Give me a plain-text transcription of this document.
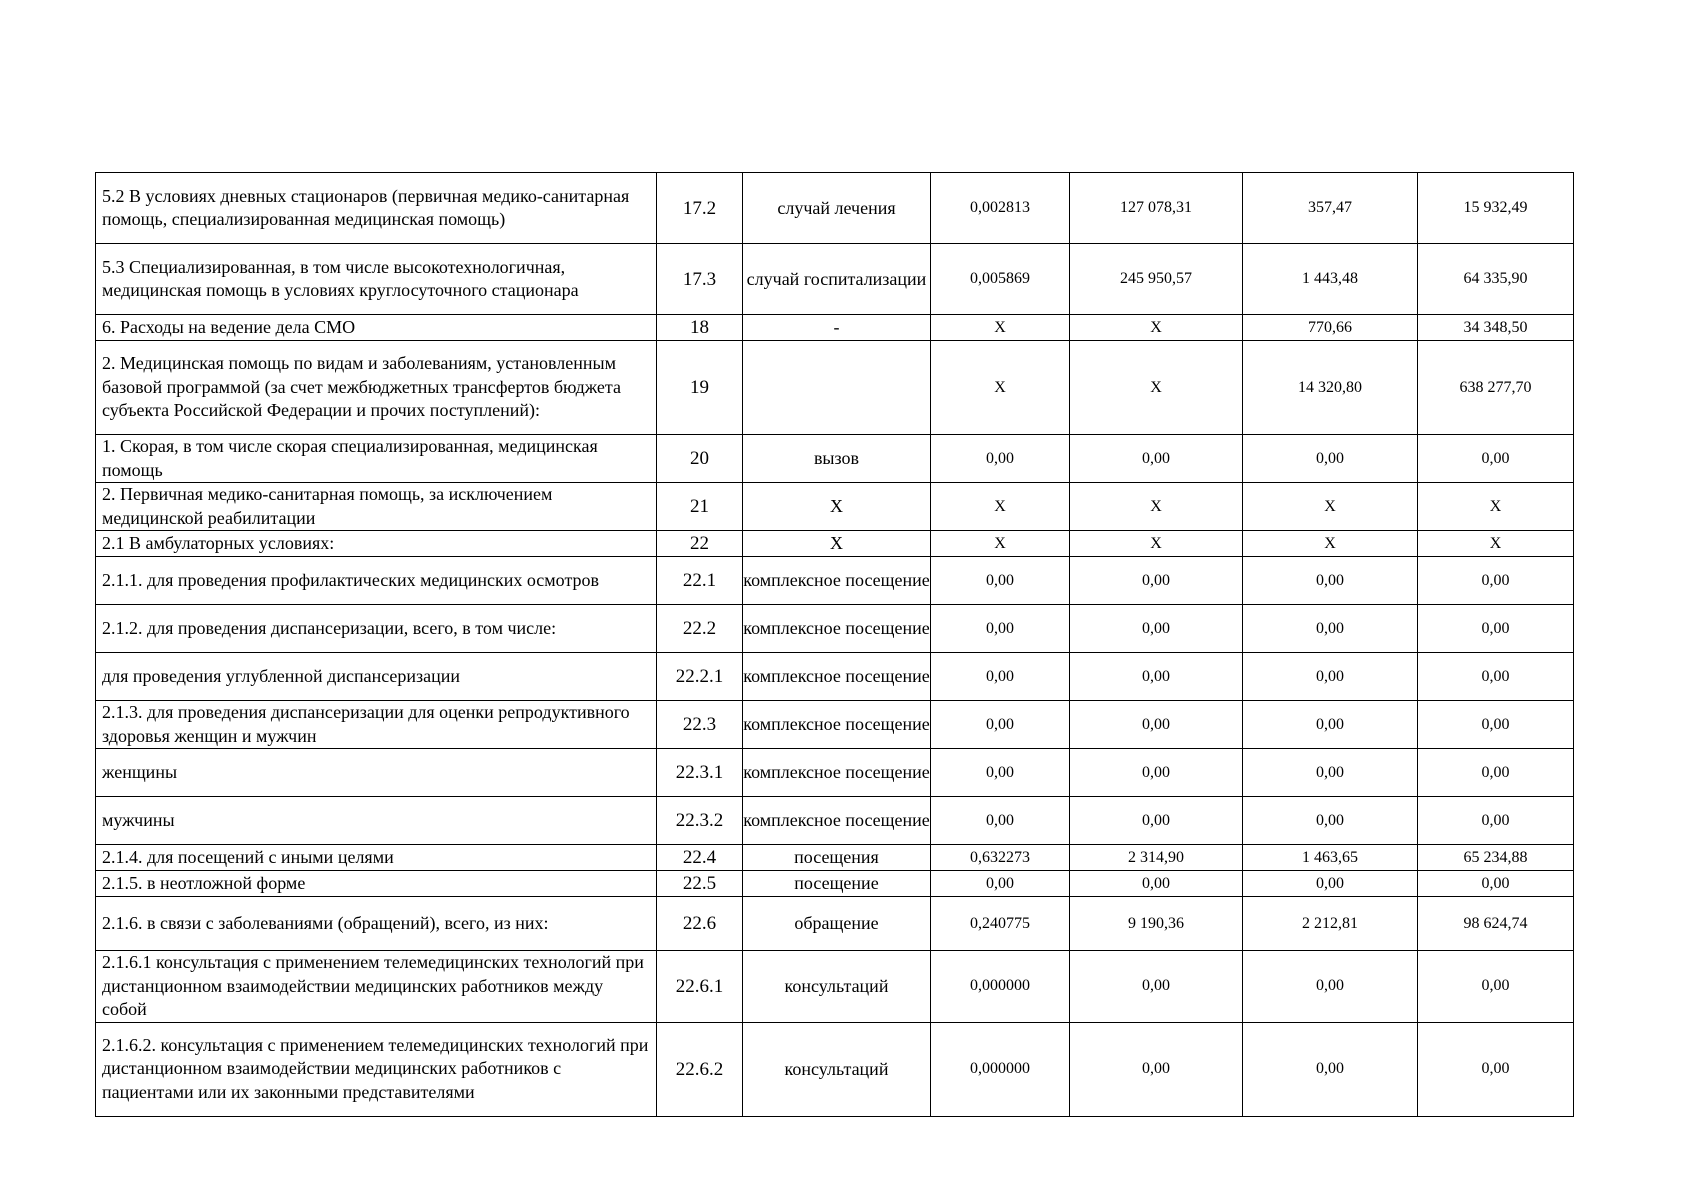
5.2 В условиях дневных стационаров (первичная медико-санитарная помощь, специализированная медицинская помощь)	17.2	случай лечения	0,002813	127 078,31	357,47	15 932,49
5.3 Специализированная, в том числе высокотехнологичная, медицинская помощь в условиях круглосуточного стационара	17.3	случай госпитализации	0,005869	245 950,57	1 443,48	64 335,90
6. Расходы на ведение дела СМО	18	-	X	X	770,66	34 348,50
2. Медицинская помощь по видам и заболеваниям, установленным базовой программой (за счет межбюджетных трансфертов бюджета субъекта Российской Федерации и прочих поступлений):	19		X	X	14 320,80	638 277,70
1. Скорая, в том числе скорая специализированная, медицинская помощь	20	вызов	0,00	0,00	0,00	0,00
2. Первичная медико-санитарная помощь, за исключением медицинской реабилитации	21	X	X	X	X	X
2.1 В амбулаторных условиях:	22	X	X	X	X	X
2.1.1. для проведения профилактических медицинских осмотров	22.1	комплексное посещение	0,00	0,00	0,00	0,00
2.1.2. для проведения диспансеризации, всего, в том числе:	22.2	комплексное посещение	0,00	0,00	0,00	0,00
для проведения углубленной диспансеризации	22.2.1	комплексное посещение	0,00	0,00	0,00	0,00
2.1.3. для проведения диспансеризации для оценки репродуктивного здоровья женщин и мужчин	22.3	комплексное посещение	0,00	0,00	0,00	0,00
женщины	22.3.1	комплексное посещение	0,00	0,00	0,00	0,00
мужчины	22.3.2	комплексное посещение	0,00	0,00	0,00	0,00
2.1.4. для посещений с иными целями	22.4	посещения	0,632273	2 314,90	1 463,65	65 234,88
2.1.5. в неотложной форме	22.5	посещение	0,00	0,00	0,00	0,00
2.1.6. в связи с заболеваниями (обращений), всего, из них:	22.6	обращение	0,240775	9 190,36	2 212,81	98 624,74
2.1.6.1 консультация с применением телемедицинских технологий при дистанционном взаимодействии медицинских работников между собой	22.6.1	консультаций	0,000000	0,00	0,00	0,00
2.1.6.2. консультация с применением телемедицинских технологий при дистанционном взаимодействии медицинских работников с пациентами или их законными представителями	22.6.2	консультаций	0,000000	0,00	0,00	0,00
